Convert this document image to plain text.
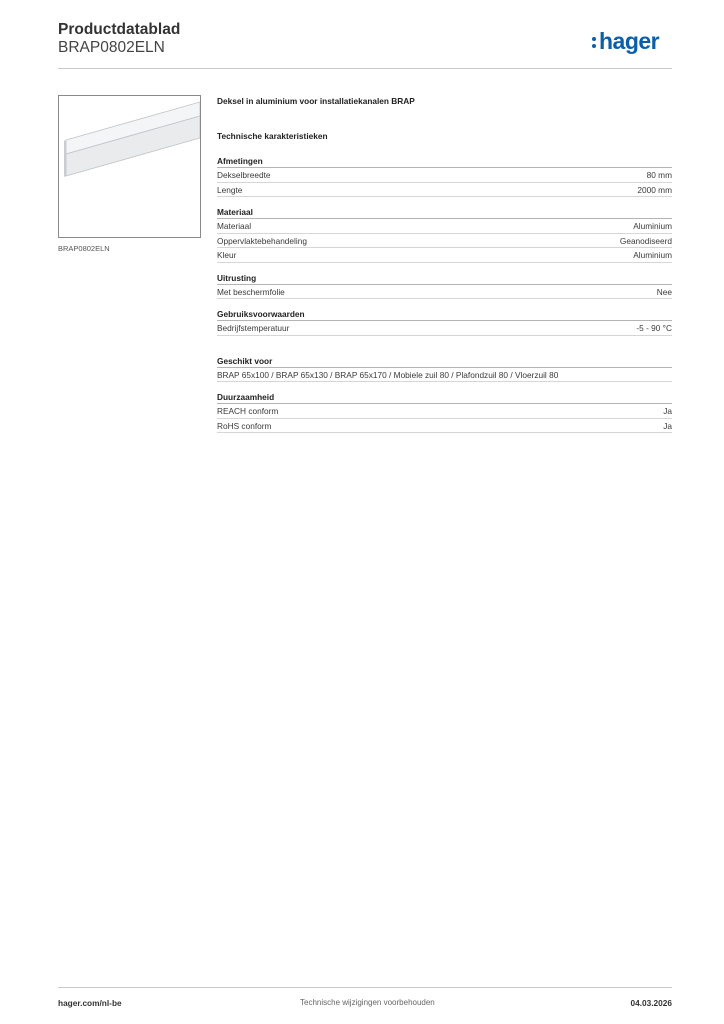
Productdatablad
BRAP0802ELN	hager
BRAP0802ELN
Deksel in aluminium voor installatiekanalen BRAP
Technische karakteristieken
Afmetingen
Dekselbreedte	80 mm
Lengte	2000 mm
Materiaal
Materiaal	Aluminium
Oppervlaktebehandeling	Geanodiseerd
Kleur	Aluminium
Uitrusting
Met beschermfolie	Nee
Gebruiksvoorwaarden
Bedrijfstemperatuur	-5 - 90 °C
Geschikt voor
BRAP 65x100 / BRAP 65x130 / BRAP 65x170 / Mobiele zuil 80 / Plafondzuil 80 / Vloerzuil 80
Duurzaamheid
REACH conform	Ja
RoHS conform	Ja
hager.com/nl-be	Technische wijzigingen voorbehouden	04.03.2026
